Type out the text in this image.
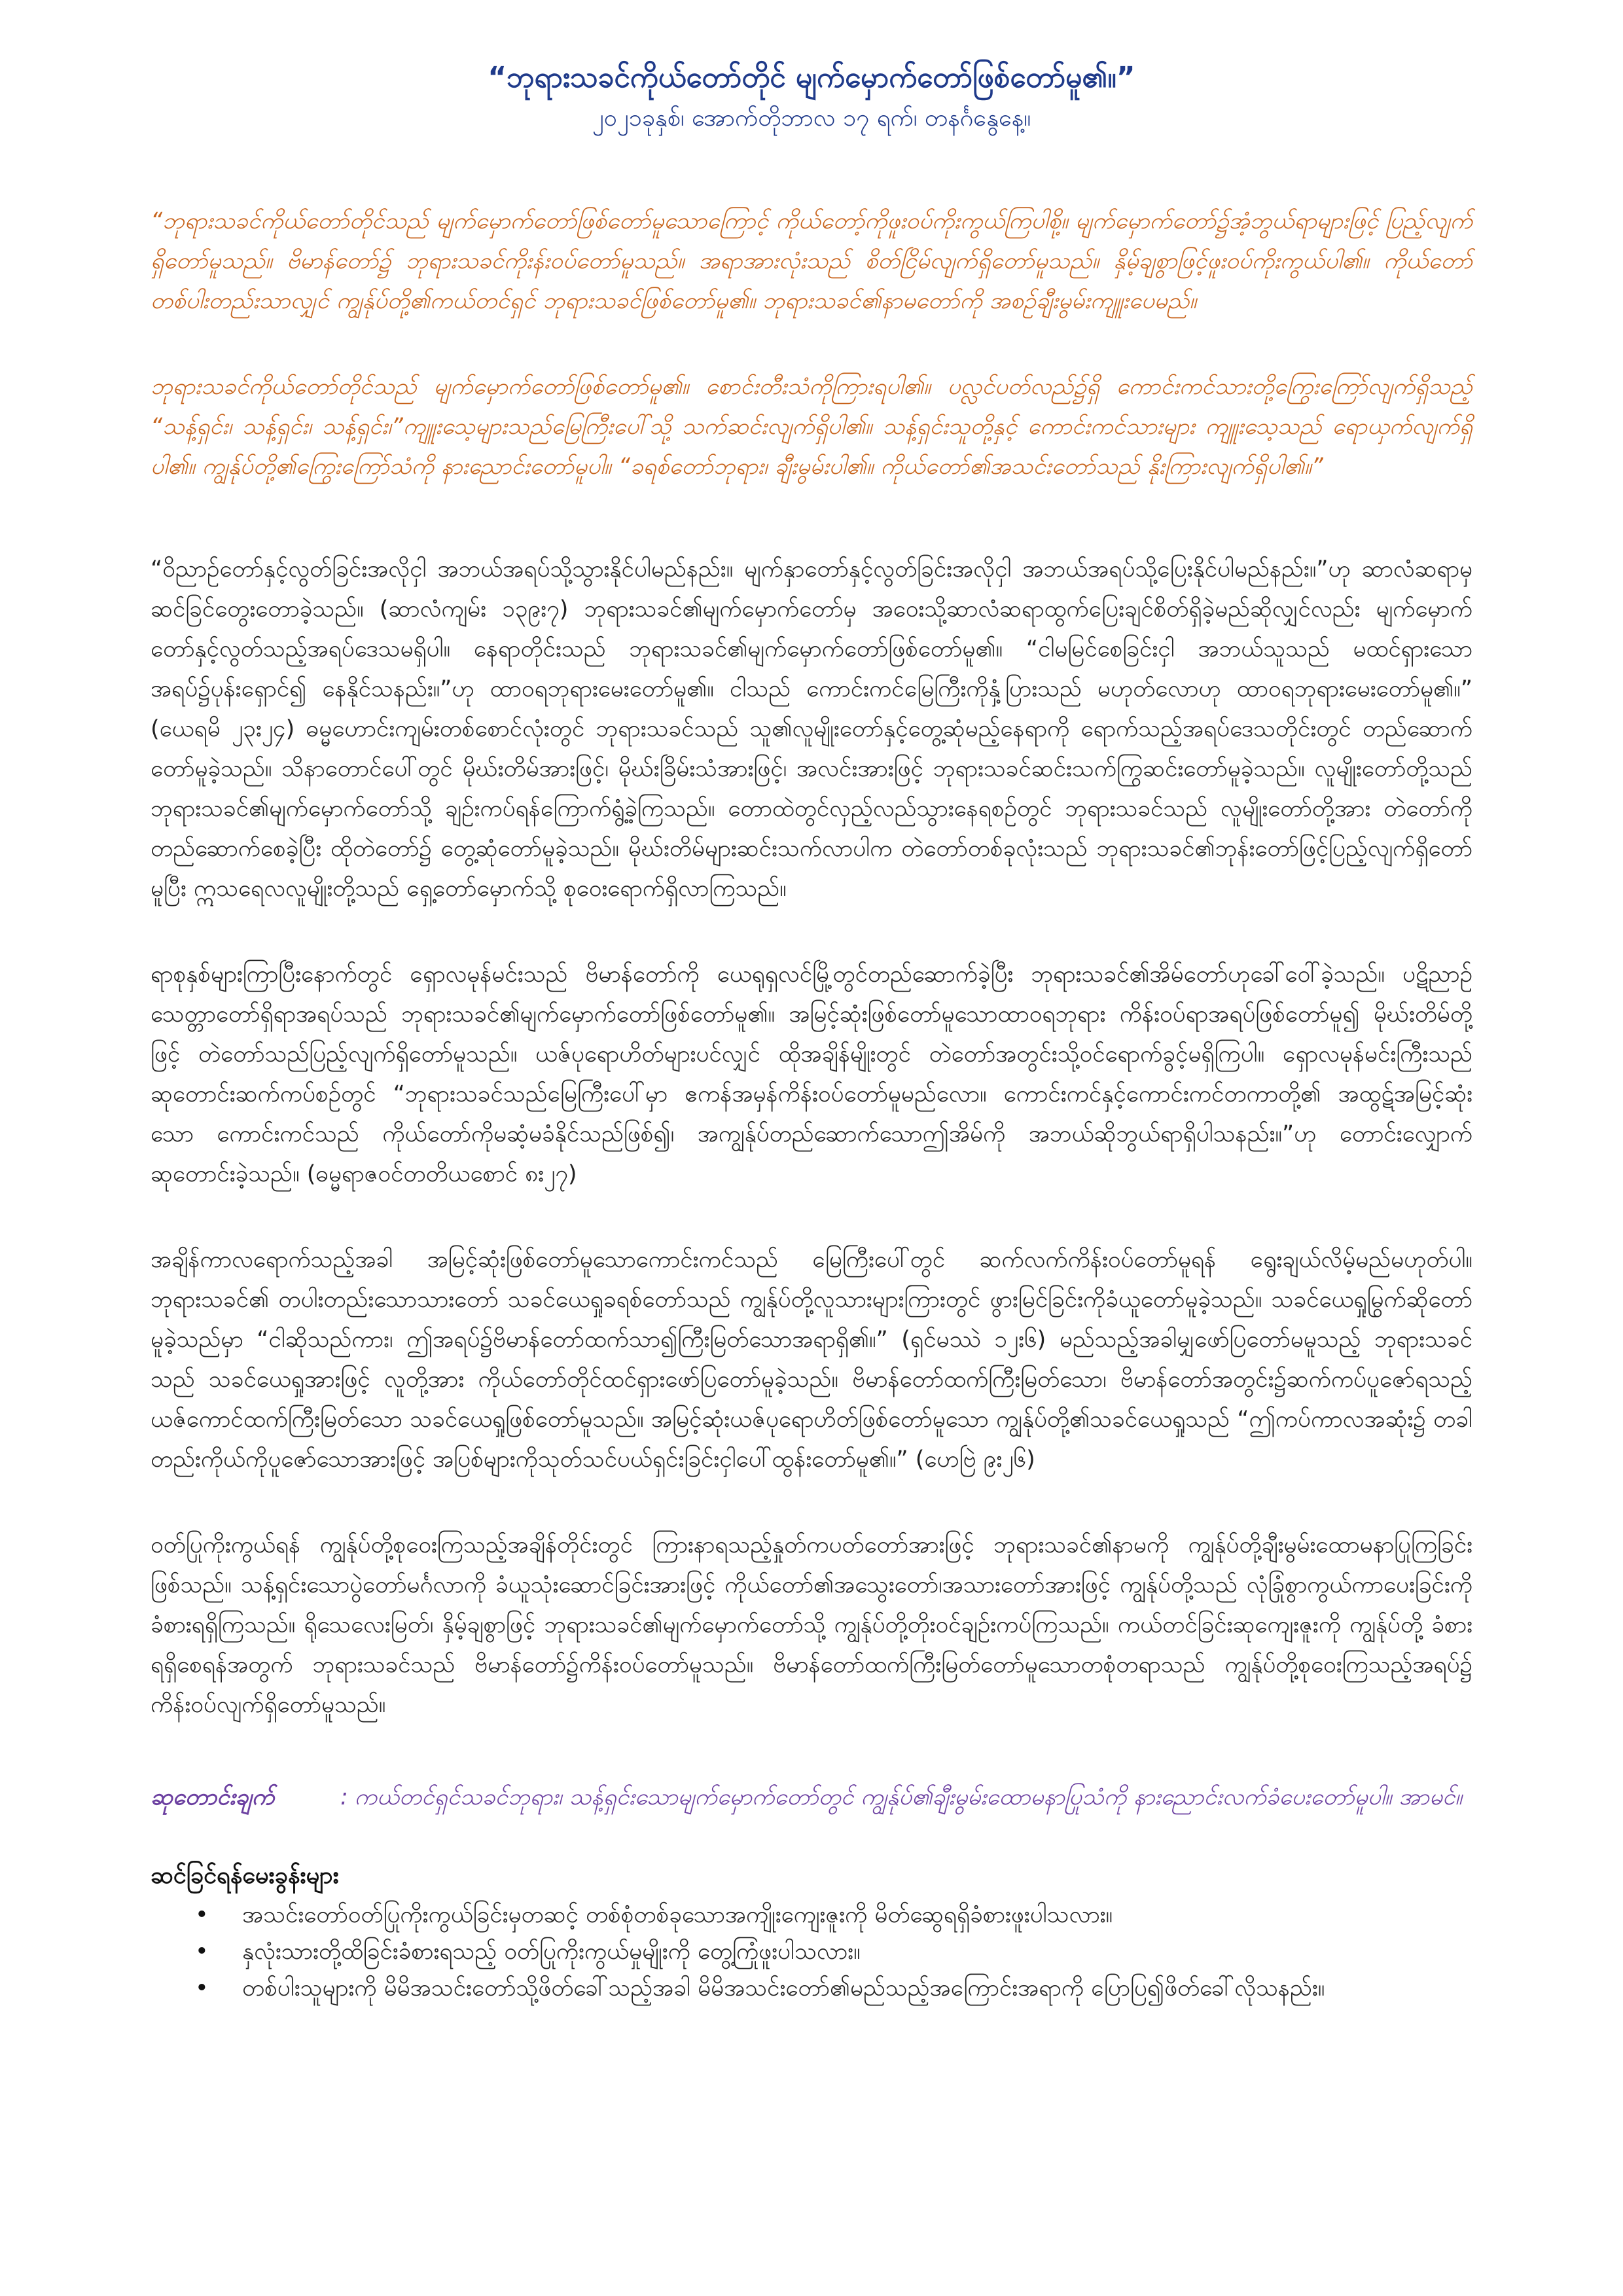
“ဘုရားသခင်ကိုယ်တော်တိုင် မျက်မှောက်တော်ဖြစ်တော်မူ၏။”

၂၀၂၁ခုနှစ်၊ အောက်တိုဘာလ ၁၇ ရက်၊ တနင်္ဂနွေနေ့။

“ဘုရားသခင်ကိုယ်တော်တိုင်သည် မျက်မှောက်တော်ဖြစ်တော်မူသောကြောင့် ကိုယ်တော့်ကိုဖူးဝပ်ကိုးကွယ်ကြပါစို့။ မျက်မှောက်တော်၌အံ့ဘွယ်ရာများဖြင့် ပြည့်လျက်ရှိတော်မူသည်။ ဗိမာန်တော်၌ ဘုရားသခင်ကိုးန်းဝပ်တော်မူသည်။ အရာအားလုံးသည် စိတ်ငြိမ်လျက်ရှိတော်မူသည်။ နှိမ့်ချစွာဖြင့်ဖူးဝပ်ကိုးကွယ်ပါ၏။ ကိုယ်တော်တစ်ပါးတည်းသာလျှင် ကျွန်ုပ်တို့၏ကယ်တင်ရှင် ဘုရားသခင်ဖြစ်တော်မူ၏။ ဘုရားသခင်၏နာမတော်ကို အစဉ်ချီးမွမ်းကျူးပေမည်။

ဘုရားသခင်ကိုယ်တော်တိုင်သည် မျက်မှောက်တော်ဖြစ်တော်မူ၏။ စောင်းတီးသံကိုကြားရပါ၏။ ပလ္လင်ပတ်လည်၌ရှိ ကောင်းကင်သားတို့ကြွေးကြော်လျက်ရှိသည့် “သန့်ရှင်း၊ သန့်ရှင်း၊ သန့်ရှင်း၊”ကျူးသေ့များသည်မြေကြီးပေါ်သို့ သက်ဆင်းလျက်ရှိပါ၏။ သန့်ရှင်းသူတို့နှင့် ကောင်းကင်သားများ ကျူးသေ့သည် ရောယှက်လျက်ရှိပါ၏။ ကျွန်ုပ်တို့၏ကြွေးကြော်သံကို နားညောင်းတော်မူပါ။ “ခရစ်တော်ဘုရား၊ ချီးမွမ်းပါ၏။ ကိုယ်တော်၏အသင်းတော်သည် နိုးကြားလျက်ရှိပါ၏။”

“ဝိညာဉ်တော်နှင့်လွတ်ခြင်းအလိုငှါ အဘယ်အရပ်သို့သွားနိုင်ပါမည်နည်း။ မျက်နှာတော်နှင့်လွတ်ခြင်းအလိုငှါ အဘယ်အရပ်သို့ပြေးနိုင်ပါမည်နည်း။”ဟု ဆာလံဆရာမှ ဆင်ခြင်တွေးတောခဲ့သည်။ (ဆာလံကျမ်း ၁၃၉း၇) ဘုရားသခင်၏မျက်မှောက်တော်မှ အဝေးသို့ဆာလံဆရာထွက်ပြေးချင်စိတ်ရှိခဲ့မည်ဆိုလျှင်လည်း မျက်မှောက်တော်နှင့်လွတ်သည့်အရပ်ဒေသမရှိပါ။ နေရာတိုင်းသည် ဘုရားသခင်၏မျက်မှောက်တော်ဖြစ်တော်မူ၏။ “ငါမမြင်စေခြင်းငှါ အဘယ်သူသည် မထင်ရှားသောအရပ်၌ပုန်းရှောင်၍ နေနိုင်သနည်း။”ဟု ထာဝရဘုရားမေးတော်မူ၏။ ငါသည် ကောင်းကင်မြေကြီးကိုနှံ့ပြားသည် မဟုတ်လောဟု ထာဝရဘုရားမေးတော်မူ၏။” (ယေရမိ ၂၃း၂၄) ဓမ္မဟောင်းကျမ်းတစ်စောင်လုံးတွင် ဘုရားသခင်သည် သူ၏လူမျိုးတော်နှင့်တွေ့ဆုံမည့်နေရာကို ရောက်သည့်အရပ်ဒေသတိုင်းတွင် တည်ဆောက်တော်မူခဲ့သည်။ သိနာတောင်ပေါ်တွင် မိုဃ်းတိမ်အားဖြင့်၊ မိုဃ်းခြိမ်းသံအားဖြင့်၊ အလင်းအားဖြင့် ဘုရားသခင်ဆင်းသက်ကြွဆင်းတော်မူခဲ့သည်။ လူမျိုးတော်တို့သည် ဘုရားသခင်၏မျက်မှောက်တော်သို့ ချဉ်းကပ်ရန်ကြောက်ရွံ့ခဲ့ကြသည်။ တောထဲတွင်လှည့်လည်သွားနေရစဉ်တွင် ဘုရားသခင်သည် လူမျိုးတော်တို့အား တဲတော်ကိုတည်ဆောက်စေခဲ့ပြီး ထိုတဲတော်၌ တွေ့ဆုံတော်မူခဲ့သည်။ မိုဃ်းတိမ်များဆင်းသက်လာပါက တဲတော်တစ်ခုလုံးသည် ဘုရားသခင်၏ဘုန်းတော်ဖြင့်ပြည့်လျက်ရှိတော်မူပြီး ဣသရေလလူမျိုးတို့သည် ရှေ့တော်မှောက်သို့ စုဝေးရောက်ရှိလာကြသည်။

ရာစုနှစ်များကြာပြီးနောက်တွင် ရှောလမုန်မင်းသည် ဗိမာန်တော်ကို ယေရုရှလင်မြို့တွင်တည်ဆောက်ခဲ့ပြီး ဘုရားသခင်၏အိမ်တော်ဟုခေါ်ဝေါ်ခဲ့သည်။ ပဋိညာဉ်သေတ္တာတော်ရှိရာအရပ်သည် ဘုရားသခင်၏မျက်မှောက်တော်ဖြစ်တော်မူ၏။ အမြင့်ဆုံးဖြစ်တော်မူသောထာဝရဘုရား ကိန်းဝပ်ရာအရပ်ဖြစ်တော်မူ၍ မိုဃ်းတိမ်တို့ဖြင့် တဲတော်သည်ပြည့်လျက်ရှိတော်မူသည်။ ယဇ်ပုရောဟိတ်များပင်လျှင် ထိုအချိန်မျိုးတွင် တဲတော်အတွင်းသို့ဝင်ရောက်ခွင့်မရှိကြပါ။ ရှောလမုန်မင်းကြီးသည် ဆုတောင်းဆက်ကပ်စဉ်တွင် “ဘုရားသခင်သည်မြေကြီးပေါ်မှာ ဧကန်အမှန်ကိန်းဝပ်တော်မူမည်လော။ ကောင်းကင်နှင့်ကောင်းကင်တကာတို့၏ အထွဋ်အမြင့်ဆုံးသော ကောင်းကင်သည် ကိုယ်တော်ကိုမဆံ့မခံနိုင်သည်ဖြစ်၍၊ အကျွန်ုပ်တည်ဆောက်သောဤအိမ်ကို အဘယ်ဆိုဘွယ်ရာရှိပါသနည်း။”ဟု တောင်းလျှောက်ဆုတောင်းခဲ့သည်။ (ဓမ္မရာဇဝင်တတိယစောင် ၈း၂၇)

အချိန်ကာလရောက်သည့်အခါ အမြင့်ဆုံးဖြစ်တော်မူသောကောင်းကင်သည် မြေကြီးပေါ်တွင် ဆက်လက်ကိန်းဝပ်တော်မူရန် ရွေးချယ်လိမ့်မည်မဟုတ်ပါ။ ဘုရားသခင်၏ တပါးတည်းသောသားတော် သခင်ယေရှုခရစ်တော်သည် ကျွန်ုပ်တို့လူသားများကြားတွင် ဖွားမြင်ခြင်းကိုခံယူတော်မူခဲ့သည်။ သခင်ယေရှုမြွက်ဆိုတော်မူခဲ့သည်မှာ “ငါဆိုသည်ကား၊ ဤအရပ်၌ဗိမာန်တော်ထက်သာ၍ကြီးမြတ်သောအရာရှိ၏။” (ရှင်မဿဲ ၁၂း၆) မည်သည့်အခါမျှဖော်ပြတော်မမူသည့် ဘုရားသခင်သည် သခင်ယေရှုအားဖြင့် လူတို့အား ကိုယ်တော်တိုင်ထင်ရှားဖော်ပြတော်မူခဲ့သည်။ ဗိမာန်တော်ထက်ကြီးမြတ်သော၊ ဗိမာန်တော်အတွင်း၌ဆက်ကပ်ပူဇော်ရသည့် ယဇ်ကောင်ထက်ကြီးမြတ်သော သခင်ယေရှုဖြစ်တော်မူသည်။ အမြင့်ဆုံးယဇ်ပုရောဟိတ်ဖြစ်တော်မူသော ကျွန်ုပ်တို့၏သခင်ယေရှုသည် “ဤကပ်ကာလအဆုံး၌ တခါတည်းကိုယ်ကိုပူဇော်သောအားဖြင့် အပြစ်များကိုသုတ်သင်ပယ်ရှင်းခြင်းငှါပေါ်ထွန်းတော်မူ၏။” (ဟေဗြဲ ၉း၂၆)

ဝတ်ပြုကိုးကွယ်ရန် ကျွန်ုပ်တို့စုဝေးကြသည့်အချိန်တိုင်းတွင် ကြားနာရသည့်နှုတ်ကပတ်တော်အားဖြင့် ဘုရားသခင်၏နာမကို ကျွန်ုပ်တို့ချီးမွမ်းထောမနာပြုကြခြင်းဖြစ်သည်။ သန့်ရှင်းသောပွဲတော်မင်္ဂလာကို ခံယူသုံးဆောင်ခြင်းအားဖြင့် ကိုယ်တော်၏အသွေးတော်၊အသားတော်အားဖြင့် ကျွန်ုပ်တို့သည် လုံခြုံစွာကွယ်ကာပေးခြင်းကို ခံစားရရှိကြသည်။ ရိုသေလေးမြတ်၊ နှိမ့်ချစွာဖြင့် ဘုရားသခင်၏မျက်မှောက်တော်သို့ ကျွန်ုပ်တို့တိုးဝင်ချဉ်းကပ်ကြသည်။ ကယ်တင်ခြင်းဆုကျေးဇူးကို ကျွန်ုပ်တို့ ခံစားရရှိစေရန်အတွက် ဘုရားသခင်သည် ဗိမာန်တော်၌ကိန်းဝပ်တော်မူသည်။ ဗိမာန်တော်ထက်ကြီးမြတ်တော်မူသောတစုံတရာသည် ကျွန်ုပ်တို့စုဝေးကြသည့်အရပ်၌ ကိန်းဝပ်လျက်ရှိတော်မူသည်။

ဆုတောင်းချက်	: ကယ်တင်ရှင်သခင်ဘုရား၊ သန့်ရှင်းသောမျက်မှောက်တော်တွင် ကျွန်ုပ်၏ချီးမွမ်းထောမနာပြုသံကို နားညောင်းလက်ခံပေးတော်မူပါ။ အာမင်။
ဆင်ခြင်ရန်မေးခွန်းများ
• အသင်းတော်ဝတ်ပြုကိုးကွယ်ခြင်းမှတဆင့် တစ်စုံတစ်ခုသောအကျိုးကျေးဇူးကို မိတ်ဆွေရရှိခံစားဖူးပါသလား။
• နှလုံးသားတို့ထိခြင်းခံစားရသည့် ဝတ်ပြုကိုးကွယ်မှုမျိုးကို တွေ့ကြုံဖူးပါသလား။
• တစ်ပါးသူများကို မိမိအသင်းတော်သို့ဖိတ်ခေါ်သည့်အခါ မိမိအသင်းတော်၏မည်သည့်အကြောင်းအရာကို ပြောပြ၍ဖိတ်ခေါ်လိုသနည်း။
